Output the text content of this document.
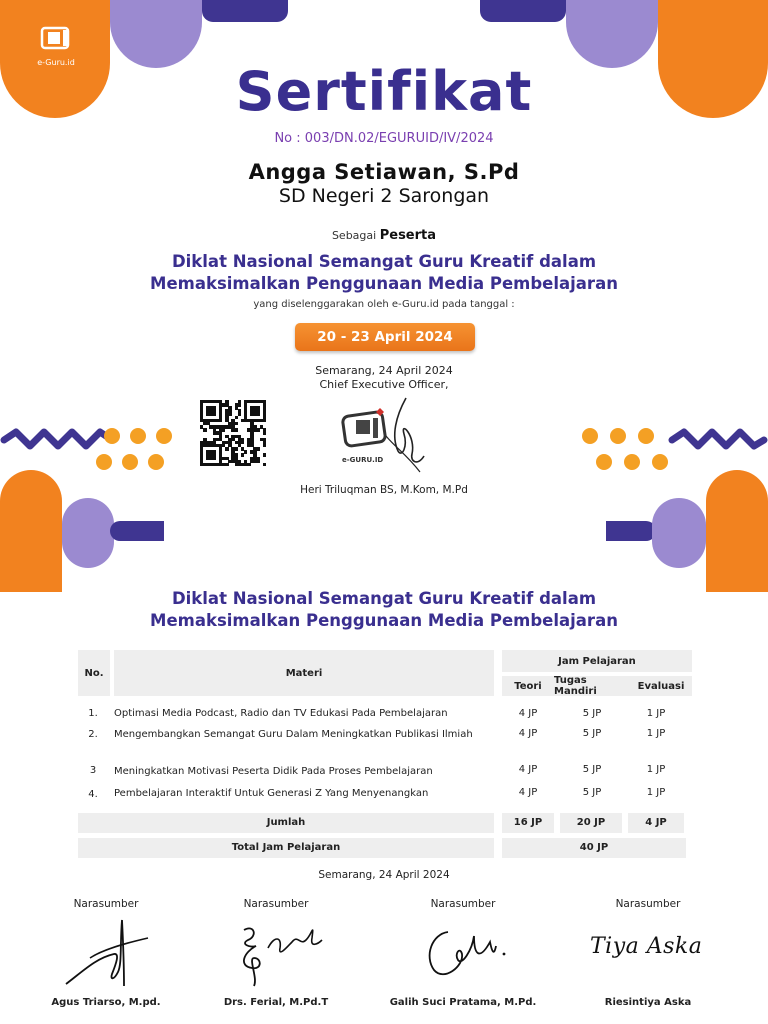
e-Guru.id	Sertifikat
No : 003/DN.02/EGURUID/IV/2024
Angga Setiawan, S.Pd
SD Negeri 2 Sarongan
Sebagai Peserta
Diklat Nasional Semangat Guru Kreatif dalam
Memaksimalkan Penggunaan Media Pembelajaran
yang diselenggarakan oleh e-Guru.id pada tanggal :
20 - 23 April 2024
Semarang, 24 April 2024
Chief Executive Officer,
e-GURU.ID
Heri Triluqman BS, M.Kom, M.Pd
Diklat Nasional Semangat Guru Kreatif dalam
Memaksimalkan Penggunaan Media Pembelajaran
No.	Materi
Jam Pelajaran
Teori	Tugas Mandiri	Evaluasi
1.	Optimasi Media Podcast, Radio dan TV Edukasi Pada Pembelajaran	4 JP	5 JP	1 JP
2.	Mengembangkan Semangat Guru Dalam Meningkatkan Publikasi Ilmiah	4 JP	5 JP	1 JP
3	Meningkatkan Motivasi Peserta Didik Pada Proses Pembelajaran	4 JP	5 JP	1 JP
4.	Pembelajaran Interaktif Untuk Generasi Z Yang Menyenangkan	4 JP	5 JP	1 JP
Jumlah	16 JP	20 JP	4 JP
Total Jam Pelajaran	40 JP
Semarang, 24 April 2024
Narasumber	Narasumber	Narasumber	Narasumber
Tiya Aska
Agus Triarso, M.pd.	Drs. Ferial, M.Pd.T	Galih Suci Pratama, M.Pd.	Riesintiya Aska
